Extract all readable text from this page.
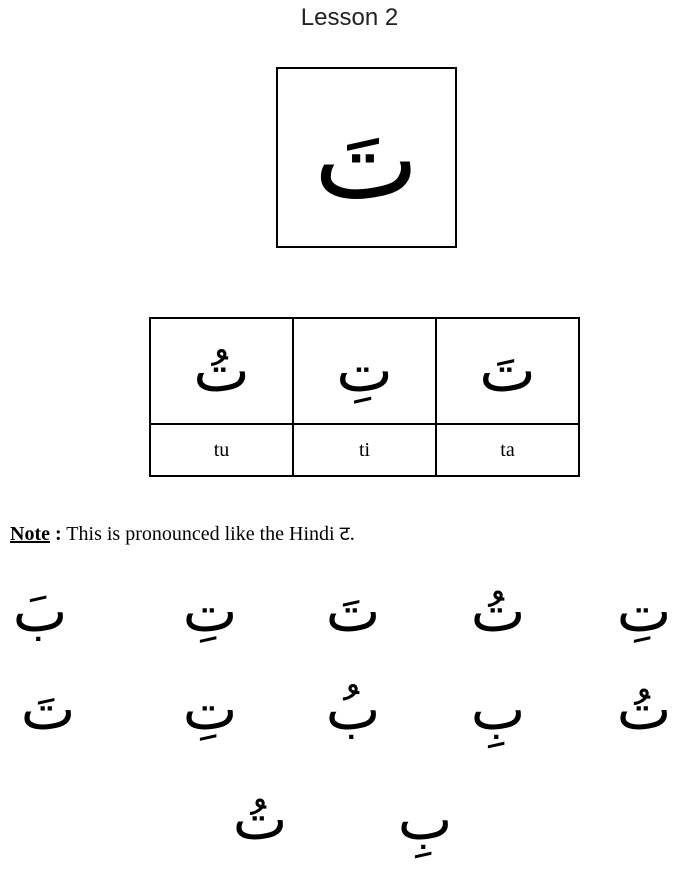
Lesson 2
تَ
تُ	تِ	تَ
tu	ti	ta
Note : This is pronounced like the Hindi ट.
بَ تِ تَ تُ تِ
تَ تِ بُ بِ تُ
تُ بِ
